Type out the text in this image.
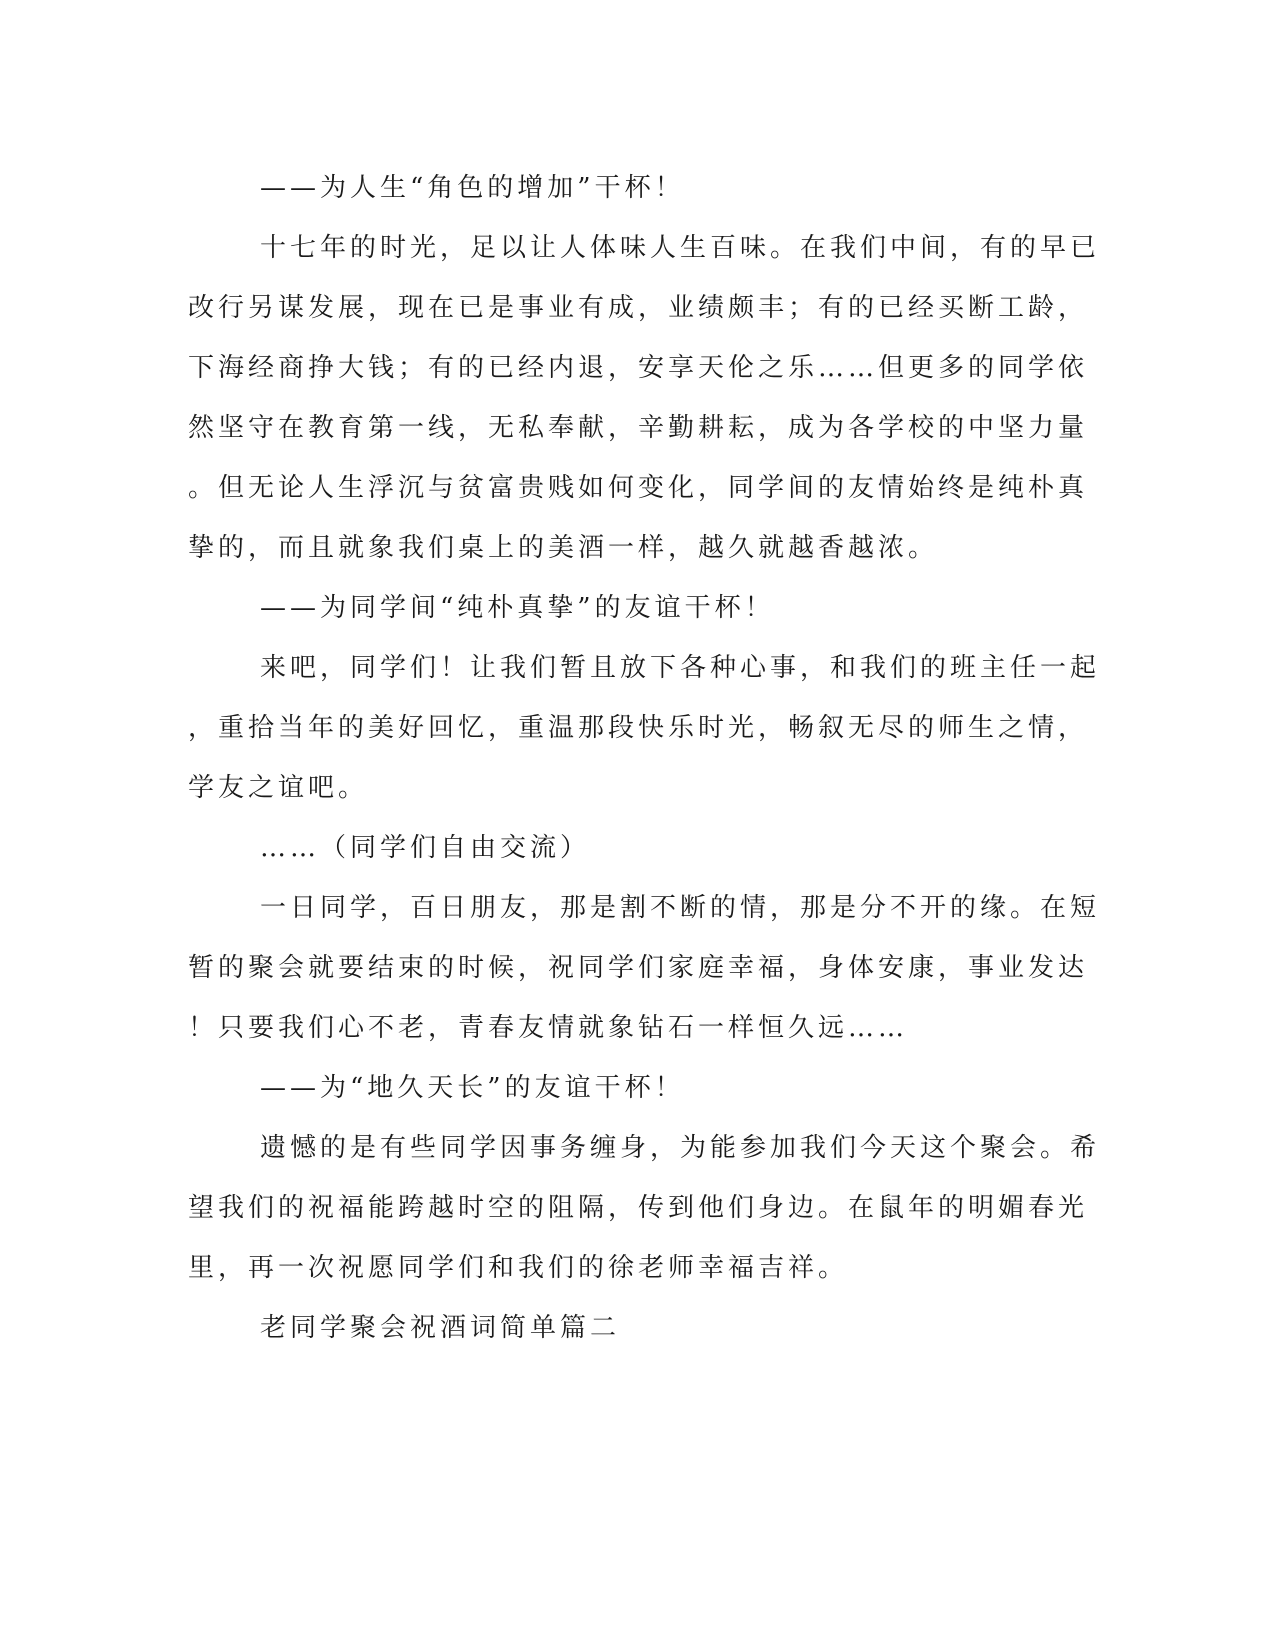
——为人生“角色的增加”干杯！
十七年的时光，足以让人体味人生百味。在我们中间，有的早已
改行另谋发展，现在已是事业有成，业绩颇丰；有的已经买断工龄，
下海经商挣大钱；有的已经内退，安享天伦之乐……但更多的同学依
然坚守在教育第一线，无私奉献，辛勤耕耘，成为各学校的中坚力量
。但无论人生浮沉与贫富贵贱如何变化，同学间的友情始终是纯朴真
挚的，而且就象我们桌上的美酒一样，越久就越香越浓。
——为同学间“纯朴真挚”的友谊干杯！
来吧，同学们！让我们暂且放下各种心事，和我们的班主任一起
，重拾当年的美好回忆，重温那段快乐时光，畅叙无尽的师生之情，
学友之谊吧。
……（同学们自由交流）
一日同学，百日朋友，那是割不断的情，那是分不开的缘。在短
暂的聚会就要结束的时候，祝同学们家庭幸福，身体安康，事业发达
！只要我们心不老，青春友情就象钻石一样恒久远……
——为“地久天长”的友谊干杯！
遗憾的是有些同学因事务缠身，为能参加我们今天这个聚会。希
望我们的祝福能跨越时空的阻隔，传到他们身边。在鼠年的明媚春光
里，再一次祝愿同学们和我们的徐老师幸福吉祥。
老同学聚会祝酒词简单篇二
